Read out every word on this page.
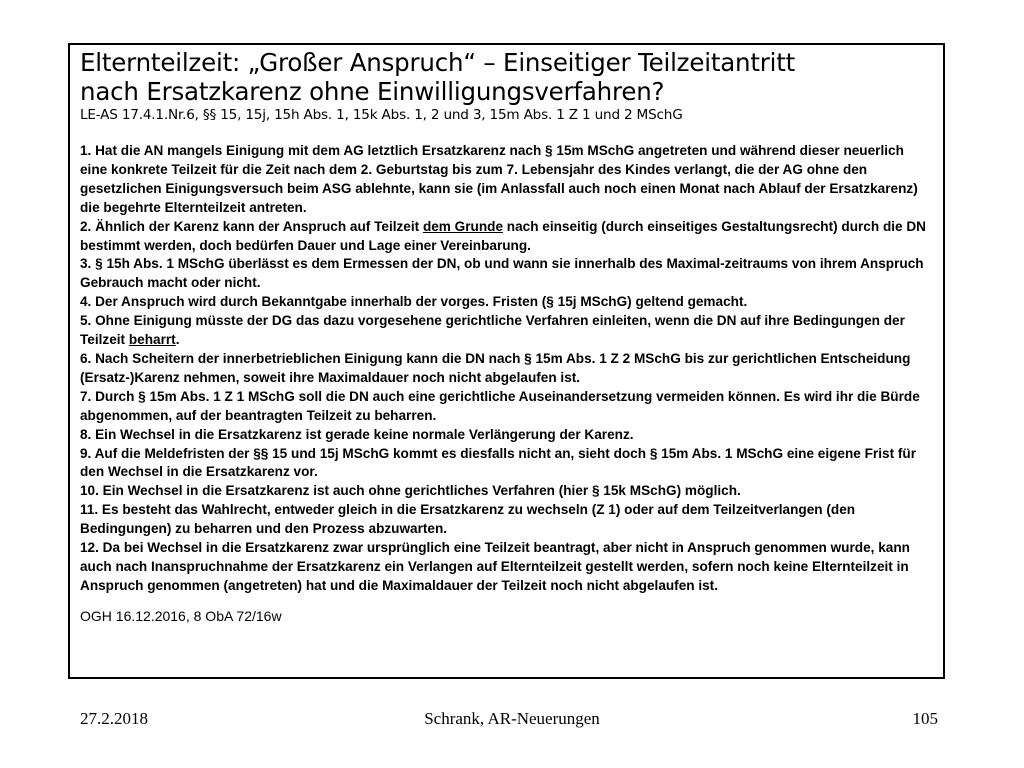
Elternteilzeit: „Großer Anspruch“ – Einseitiger Teilzeitantritt
nach Ersatzkarenz ohne Einwilligungsverfahren?
LE-AS 17.4.1.Nr.6, §§ 15, 15j, 15h Abs. 1, 15k Abs. 1, 2 und 3, 15m Abs. 1 Z 1 und 2 MSchG

1. Hat die AN mangels Einigung mit dem AG letztlich Ersatzkarenz nach § 15m MSchG angetreten und während dieser neuerlich eine konkrete Teilzeit für die Zeit nach dem 2. Geburtstag bis zum 7. Lebensjahr des Kindes verlangt, die der AG ohne den gesetzlichen Einigungsversuch beim ASG ablehnte, kann sie (im Anlassfall auch noch einen Monat nach Ablauf der Ersatzkarenz) die begehrte Elternteilzeit antreten.

2. Ähnlich der Karenz kann der Anspruch auf Teilzeit dem Grunde nach einseitig (durch einseitiges Gestaltungsrecht) durch die DN bestimmt werden, doch bedürfen Dauer und Lage einer Vereinbarung.

3. § 15h Abs. 1 MSchG überlässt es dem Ermessen der DN, ob und wann sie innerhalb des Maximal-zeitraums von ihrem Anspruch Gebrauch macht oder nicht.

4. Der Anspruch wird durch Bekanntgabe innerhalb der vorges. Fristen (§ 15j MSchG) geltend gemacht.

5. Ohne Einigung müsste der DG das dazu vorgesehene gerichtliche Verfahren einleiten, wenn die DN auf ihre Bedingungen der Teilzeit beharrt.

6. Nach Scheitern der innerbetrieblichen Einigung kann die DN nach § 15m Abs. 1 Z 2 MSchG bis zur gerichtlichen Entscheidung (Ersatz-)Karenz nehmen, soweit ihre Maximaldauer noch nicht abgelaufen ist.

7. Durch § 15m Abs. 1 Z 1 MSchG soll die DN auch eine gerichtliche Auseinandersetzung vermeiden können. Es wird ihr die Bürde abgenommen, auf der beantragten Teilzeit zu beharren.

8. Ein Wechsel in die Ersatzkarenz ist gerade keine normale Verlängerung der Karenz.

9. Auf die Meldefristen der §§ 15 und 15j MSchG kommt es diesfalls nicht an, sieht doch § 15m Abs. 1 MSchG eine eigene Frist für den Wechsel in die Ersatzkarenz vor.

10. Ein Wechsel in die Ersatzkarenz ist auch ohne gerichtliches Verfahren (hier § 15k MSchG) möglich.

11. Es besteht das Wahlrecht, entweder gleich in die Ersatzkarenz zu wechseln (Z 1) oder auf dem Teilzeitverlangen (den Bedingungen) zu beharren und den Prozess abzuwarten.

12. Da bei Wechsel in die Ersatzkarenz zwar ursprünglich eine Teilzeit beantragt, aber nicht in Anspruch genommen wurde, kann auch nach Inanspruchnahme der Ersatzkarenz ein Verlangen auf Elternteilzeit gestellt werden, sofern noch keine Elternteilzeit in Anspruch genommen (angetreten) hat und die Maximaldauer der Teilzeit noch nicht abgelaufen ist.

OGH 16.12.2016, 8 ObA 72/16w
27.2.2018	Schrank, AR-Neuerungen	105
